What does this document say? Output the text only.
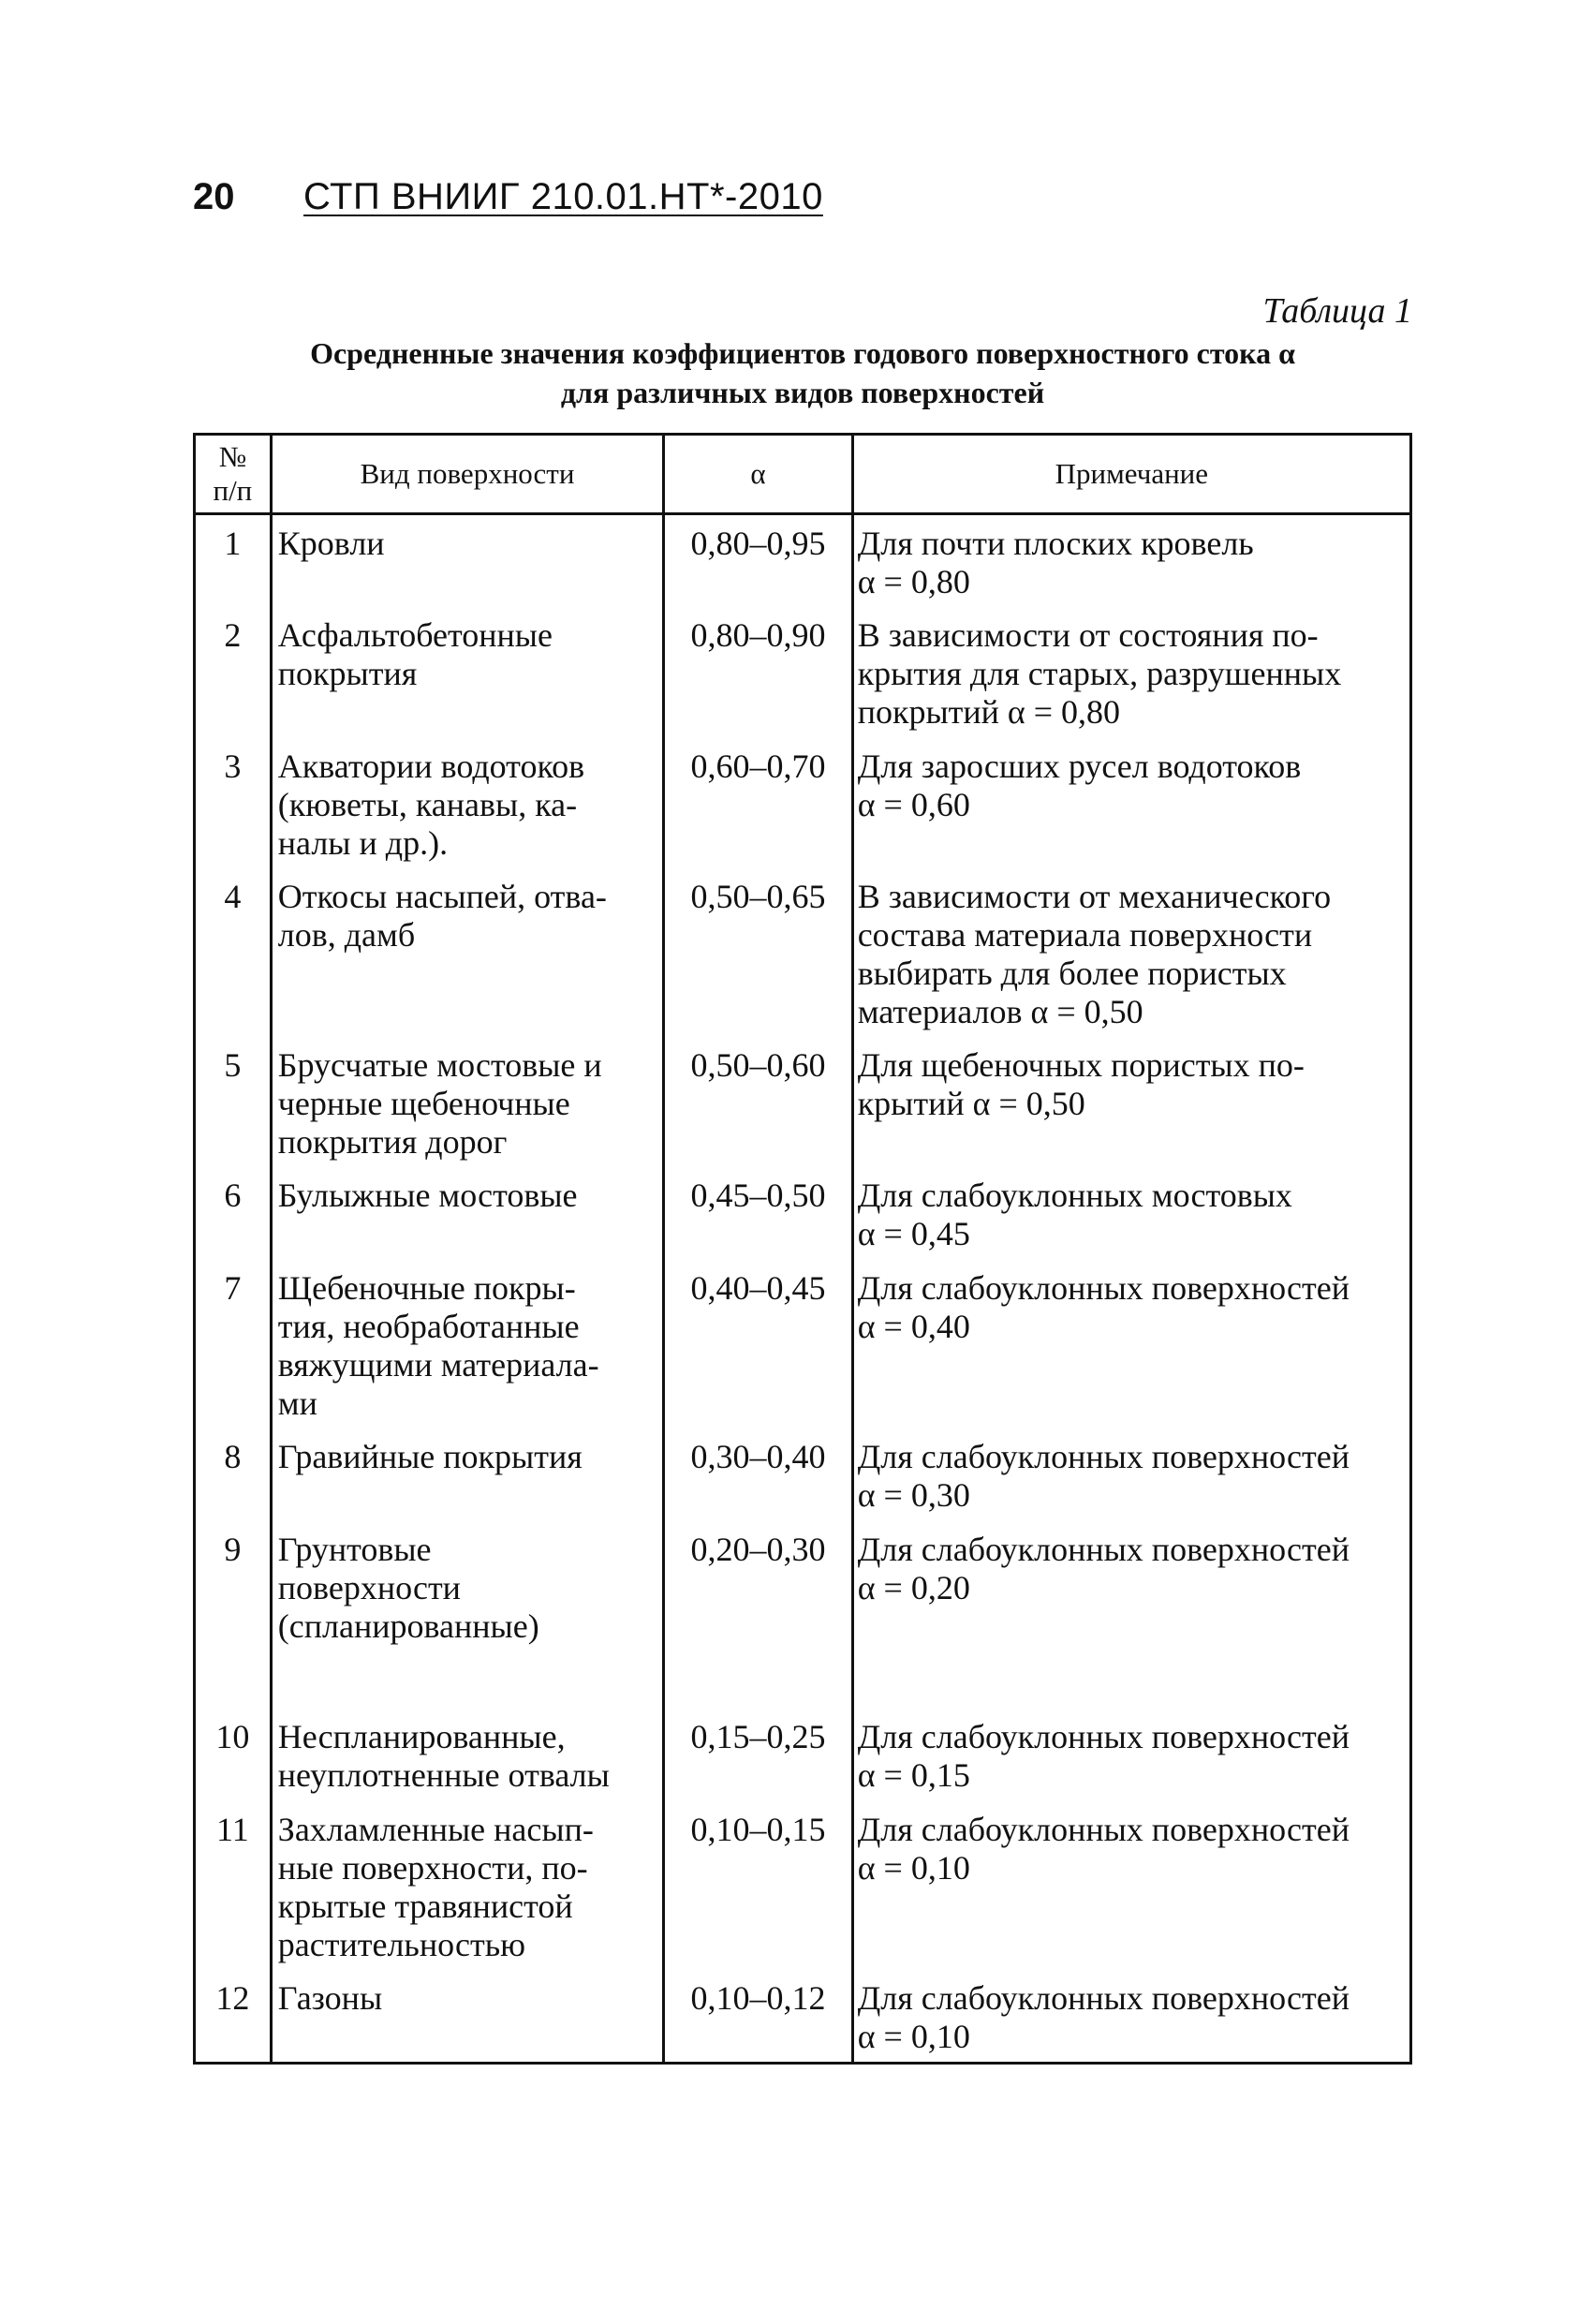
20	СТП ВНИИГ 210.01.НТ*-2010
Таблица 1
Осредненные значения коэффициентов годового поверхностного стока α
для различных видов поверхностей
№
п/п	Вид поверхности	α	Примечание
1	Кровли	0,80–0,95	Для почти плоских кровель
α = 0,80
2	Асфальтобетонные
покрытия	0,80–0,90	В зависимости от состояния по-
крытия для старых, разрушенных
покрытий α = 0,80
3	Акватории водотоков
(кюветы, канавы, ка-
налы и др.).	0,60–0,70	Для заросших русел водотоков
α = 0,60
4	Откосы насыпей, отва-
лов, дамб	0,50–0,65	В зависимости от механического
состава материала поверхности
выбирать для более пористых
материалов α = 0,50
5	Брусчатые мостовые и
черные щебеночные
покрытия дорог	0,50–0,60	Для щебеночных пористых по-
крытий α = 0,50
6	Булыжные мостовые	0,45–0,50	Для слабоуклонных мостовых
α = 0,45
7	Щебеночные покры-
тия, необработанные
вяжущими материала-
ми	0,40–0,45	Для слабоуклонных поверхностей
α = 0,40
8	Гравийные покрытия	0,30–0,40	Для слабоуклонных поверхностей
α = 0,30
9	Грунтовые
поверхности
(спланированные)	0,20–0,30	Для слабоуклонных поверхностей
α = 0,20
10	Неспланированные,
неуплотненные отвалы	0,15–0,25	Для слабоуклонных поверхностей
α = 0,15
11	Захламленные насып-
ные поверхности, по-
крытые травянистой
растительностью	0,10–0,15	Для слабоуклонных поверхностей
α = 0,10
12	Газоны	0,10–0,12	Для слабоуклонных поверхностей
α = 0,10
